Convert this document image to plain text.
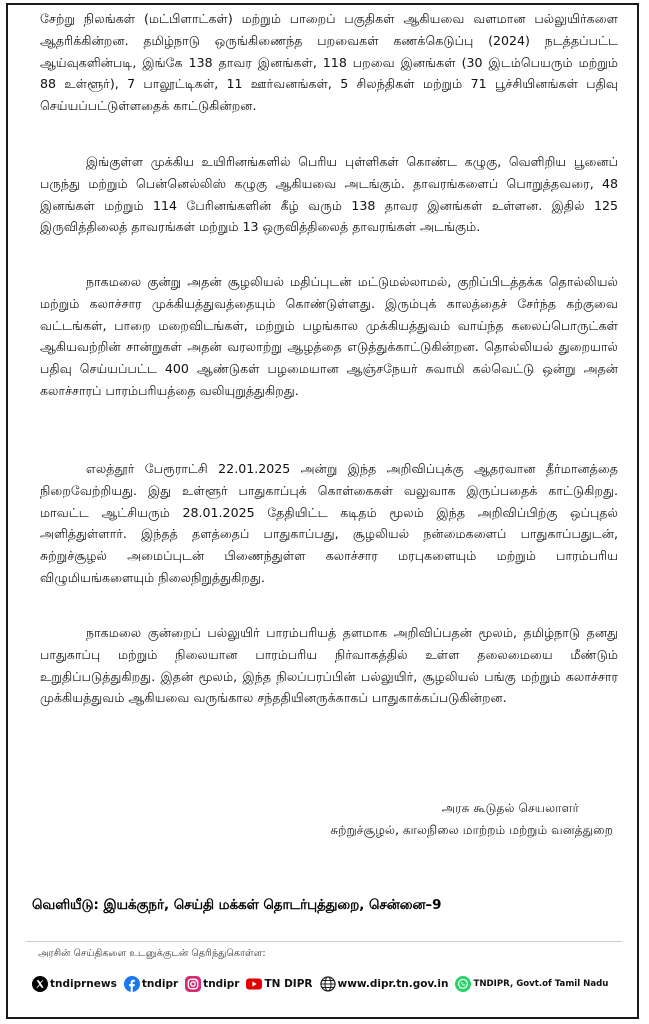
சேற்று நிலங்கள் (மட்பிளாட்கள்) மற்றும் பாறைப் பகுதிகள் ஆகியவை வளமான பல்லுயிர்களை ஆதரிக்கின்றன. தமிழ்நாடு ஒருங்கிணைந்த பறவைகள் கணக்கெடுப்பு (2024) நடத்தப்பட்ட ஆய்வுகளின்படி, இங்கே 138 தாவர இனங்கள், 118 பறவை இனங்கள் (30 இடம்பெயரும் மற்றும் 88 உள்ளூர்), 7 பாலூட்டிகள், 11 ஊர்வனங்கள், 5 சிலந்திகள் மற்றும் 71 பூச்சியினங்கள் பதிவு செய்யப்பட்டுள்ளதைக் காட்டுகின்றன.

இங்குள்ள முக்கிய உயிரினங்களில் பெரிய புள்ளிகள் கொண்ட கழுகு, வெளிறிய பூனைப் பருந்து மற்றும் பென்னெல்லிஸ் கழுகு ஆகியவை அடங்கும். தாவரங்களைப் பொறுத்தவரை, 48 இனங்கள் மற்றும் 114 பேரினங்களின் கீழ் வரும் 138 தாவர இனங்கள் உள்ளன. இதில் 125 இருவித்திலைத் தாவரங்கள் மற்றும் 13 ஒருவித்திலைத் தாவரங்கள் அடங்கும்.

நாகமலை குன்று அதன் சூழலியல் மதிப்புடன் மட்டுமல்லாமல், குறிப்பிடத்தக்க தொல்லியல் மற்றும் கலாச்சார முக்கியத்துவத்தையும் கொண்டுள்ளது. இரும்புக் காலத்தைச் சேர்ந்த கற்குவை வட்டங்கள், பாறை மறைவிடங்கள், மற்றும் பழங்கால முக்கியத்துவம் வாய்ந்த கலைப்பொருட்கள் ஆகியவற்றின் சான்றுகள் அதன் வரலாற்று ஆழத்தை எடுத்துக்காட்டுகின்றன. தொல்லியல் துறையால் பதிவு செய்யப்பட்ட 400 ஆண்டுகள் பழமையான ஆஞ்சநேயர் சுவாமி கல்வெட்டு ஒன்று அதன் கலாச்சாரப் பாரம்பரியத்தை வலியுறுத்துகிறது.

எலத்தூர் பேரூராட்சி 22.01.2025 அன்று இந்த அறிவிப்புக்கு ஆதரவான தீர்மானத்தை நிறைவேற்றியது. இது உள்ளூர் பாதுகாப்புக் கொள்கைகள் வலுவாக இருப்பதைக் காட்டுகிறது. மாவட்ட ஆட்சியரும் 28.01.2025 தேதியிட்ட கடிதம் மூலம் இந்த அறிவிப்பிற்கு ஒப்புதல் அளித்துள்ளார். இந்தத் தளத்தைப் பாதுகாப்பது, சூழலியல் நன்மைகளைப் பாதுகாப்பதுடன், சுற்றுச்சூழல் அமைப்புடன் பிணைந்துள்ள கலாச்சார மரபுகளையும் மற்றும் பாரம்பரிய விழுமியங்களையும் நிலைநிறுத்துகிறது.

நாகமலை குன்றைப் பல்லுயிர் பாரம்பரியத் தளமாக அறிவிப்பதன் மூலம், தமிழ்நாடு தனது பாதுகாப்பு மற்றும் நிலையான பாரம்பரிய நிர்வாகத்தில் உள்ள தலைமையை மீண்டும் உறுதிப்படுத்துகிறது. இதன் மூலம், இந்த நிலப்பரப்பின் பல்லுயிர், சூழலியல் பங்கு மற்றும் கலாச்சார முக்கியத்துவம் ஆகியவை வருங்கால சந்ததியினருக்காகப் பாதுகாக்கப்படுகின்றன.

அரசு கூடுதல் செயலாளர்
சுற்றுச்சூழல், காலநிலை மாற்றம் மற்றும் வனத்துறை
வெளியீடு: இயக்குநர், செய்தி மக்கள் தொடர்புத்துறை, சென்னை–9
அரசின் செய்திகளை உடனுக்குடன் தெரிந்துகொள்ள:
tndiprnews tndipr tndipr TN DIPR www.dipr.tn.gov.in	TNDIPR, Govt.of Tamil Nadu
